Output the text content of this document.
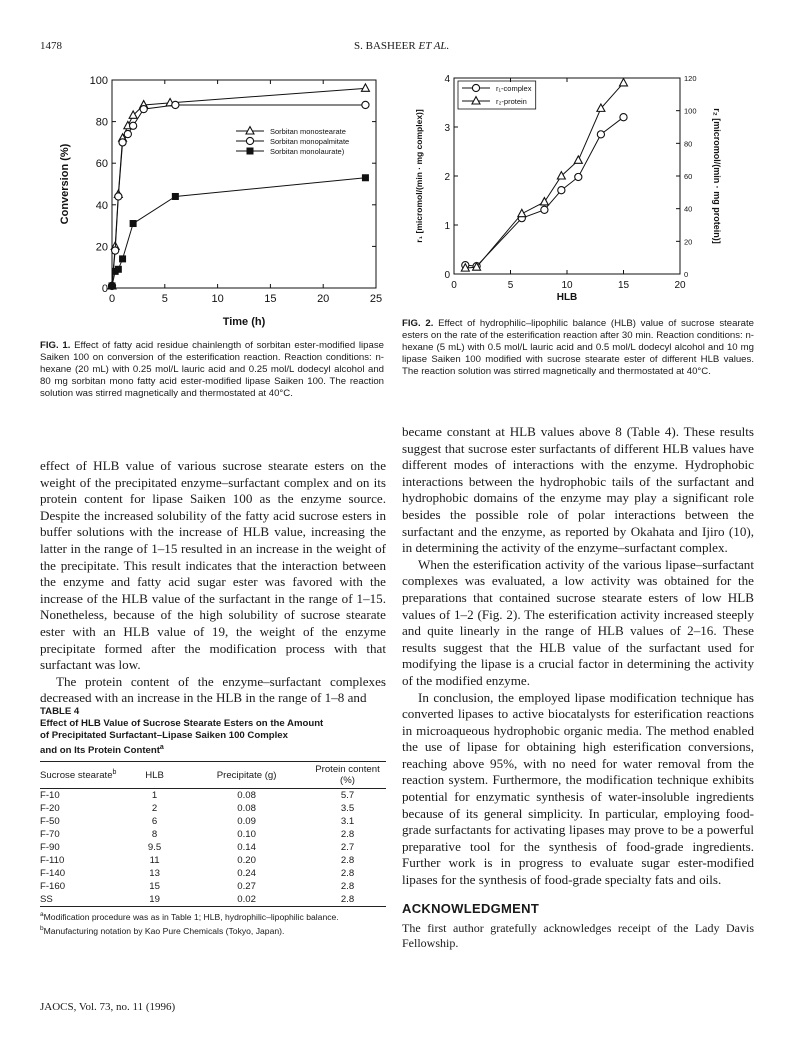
1478	S. BASHEER ET AL.
0	5	10	15	20	25
0
20
40
60
80
100
Time (h)
Conversion (%)
Sorbitan monostearate
Sorbitan monopalmitate
Sorbitan monolaurate)
FIG. 1. Effect of fatty acid residue chainlength of sorbitan ester-modified lipase Saiken 100 on conversion of the esterification reaction. Reaction conditions: n-hexane (20 mL) with 0.25 mol/L lauric acid and 0.25 mol/L dodecyl alcohol and 80 mg sorbitan mono fatty acid ester-modified lipase Saiken 100. The reaction solution was stirred magnetically and thermostated at 40°C.
0	5	10	15	20
0
1
2
3
4
0
20
40
60
80
100
120
r₂ [micromol/(min · mg protein)]
HLB
r₁ [micromol/(min · mg complex)]
r₁-complex
r₂-protein
FIG. 2. Effect of hydrophilic–lipophilic balance (HLB) value of sucrose stearate esters on the rate of the esterification reaction after 30 min. Reaction conditions: n-hexane (5 mL) with 0.5 mol/L lauric acid and 0.5 mol/L dodecyl alcohol and 10 mg lipase Saiken 100 modified with sucrose stearate ester of different HLB values. The reaction solution was stirred magnetically and thermostated at 40°C.

effect of HLB value of various sucrose stearate esters on the weight of the precipitated enzyme–surfactant complex and on its protein content for lipase Saiken 100 as the enzyme source. Despite the increased solubility of the fatty acid sucrose esters in buffer solutions with the increase of HLB value, increasing the latter in the range of 1–15 resulted in an increase in the weight of the precipitate. This result indicates that the interaction between the enzyme and fatty acid sugar ester was favored with the increase of the HLB value of the surfactant in the range of 1–15. Nonetheless, because of the high solubility of sucrose stearate ester with an HLB value of 19, the weight of the enzyme precipitate formed after the modification process with that surfactant was low.

The protein content of the enzyme–surfactant complexes decreased with an increase in the HLB in the range of 1–8 and

TABLE 4
Effect of HLB Value of Sucrose Stearate Esters on the Amount
of Precipitated Surfactant–Lipase Saiken 100 Complex
and on Its Protein Content$^a$
Sucrose stearate$^b$	HLB	Precipitate (g)	Protein content (%)
F-10	1	0.08	5.7
F-20	2	0.08	3.5
F-50	6	0.09	3.1
F-70	8	0.10	2.8
F-90	9.5	0.14	2.7
F-110	11	0.20	2.8
F-140	13	0.24	2.8
F-160	15	0.27	2.8
SS	19	0.02	2.8
$^a$Modification procedure was as in Table 1; HLB, hydrophilic–lipophilic balance.
$^b$Manufacturing notation by Kao Pure Chemicals (Tokyo, Japan).

became constant at HLB values above 8 (Table 4). These results suggest that sucrose ester surfactants of different HLB values have different modes of interactions with the enzyme. Hydrophobic interactions between the hydrophobic tails of the surfactant and hydrophobic domains of the enzyme may play a significant role besides the possible role of polar interactions between the surfactant and the enzyme, as reported by Okahata and Ijiro (10), in determining the activity of the enzyme–surfactant complex.

When the esterification activity of the various lipase–surfactant complexes was evaluated, a low activity was obtained for the preparations that contained sucrose stearate esters of low HLB values of 1–2 (Fig. 2). The esterification activity increased steeply and quite linearly in the range of HLB values of 2–16. These results suggest that the HLB value of the surfactant used for modifying the lipase is a crucial factor in determining the activity of the modified enzyme.

In conclusion, the employed lipase modification technique has converted lipases to active biocatalysts for esterification reactions in microaqueous hydrophobic organic media. The method enabled the use of lipase for obtaining high esterification conversions, reaching above 95%, with no need for water removal from the reaction system. Furthermore, the modification technique exhibits potential for enzymatic synthesis of water-insoluble ingredients because of its general simplicity. In particular, employing food-grade surfactants for activating lipases may prove to be a powerful preparative tool for the synthesis of food-grade ingredients. Further work is in progress to evaluate sugar ester-modified lipases for the synthesis of food-grade specialty fats and oils.

ACKNOWLEDGMENT

The first author gratefully acknowledges receipt of the Lady Davis Fellowship.

JAOCS, Vol. 73, no. 11 (1996)
